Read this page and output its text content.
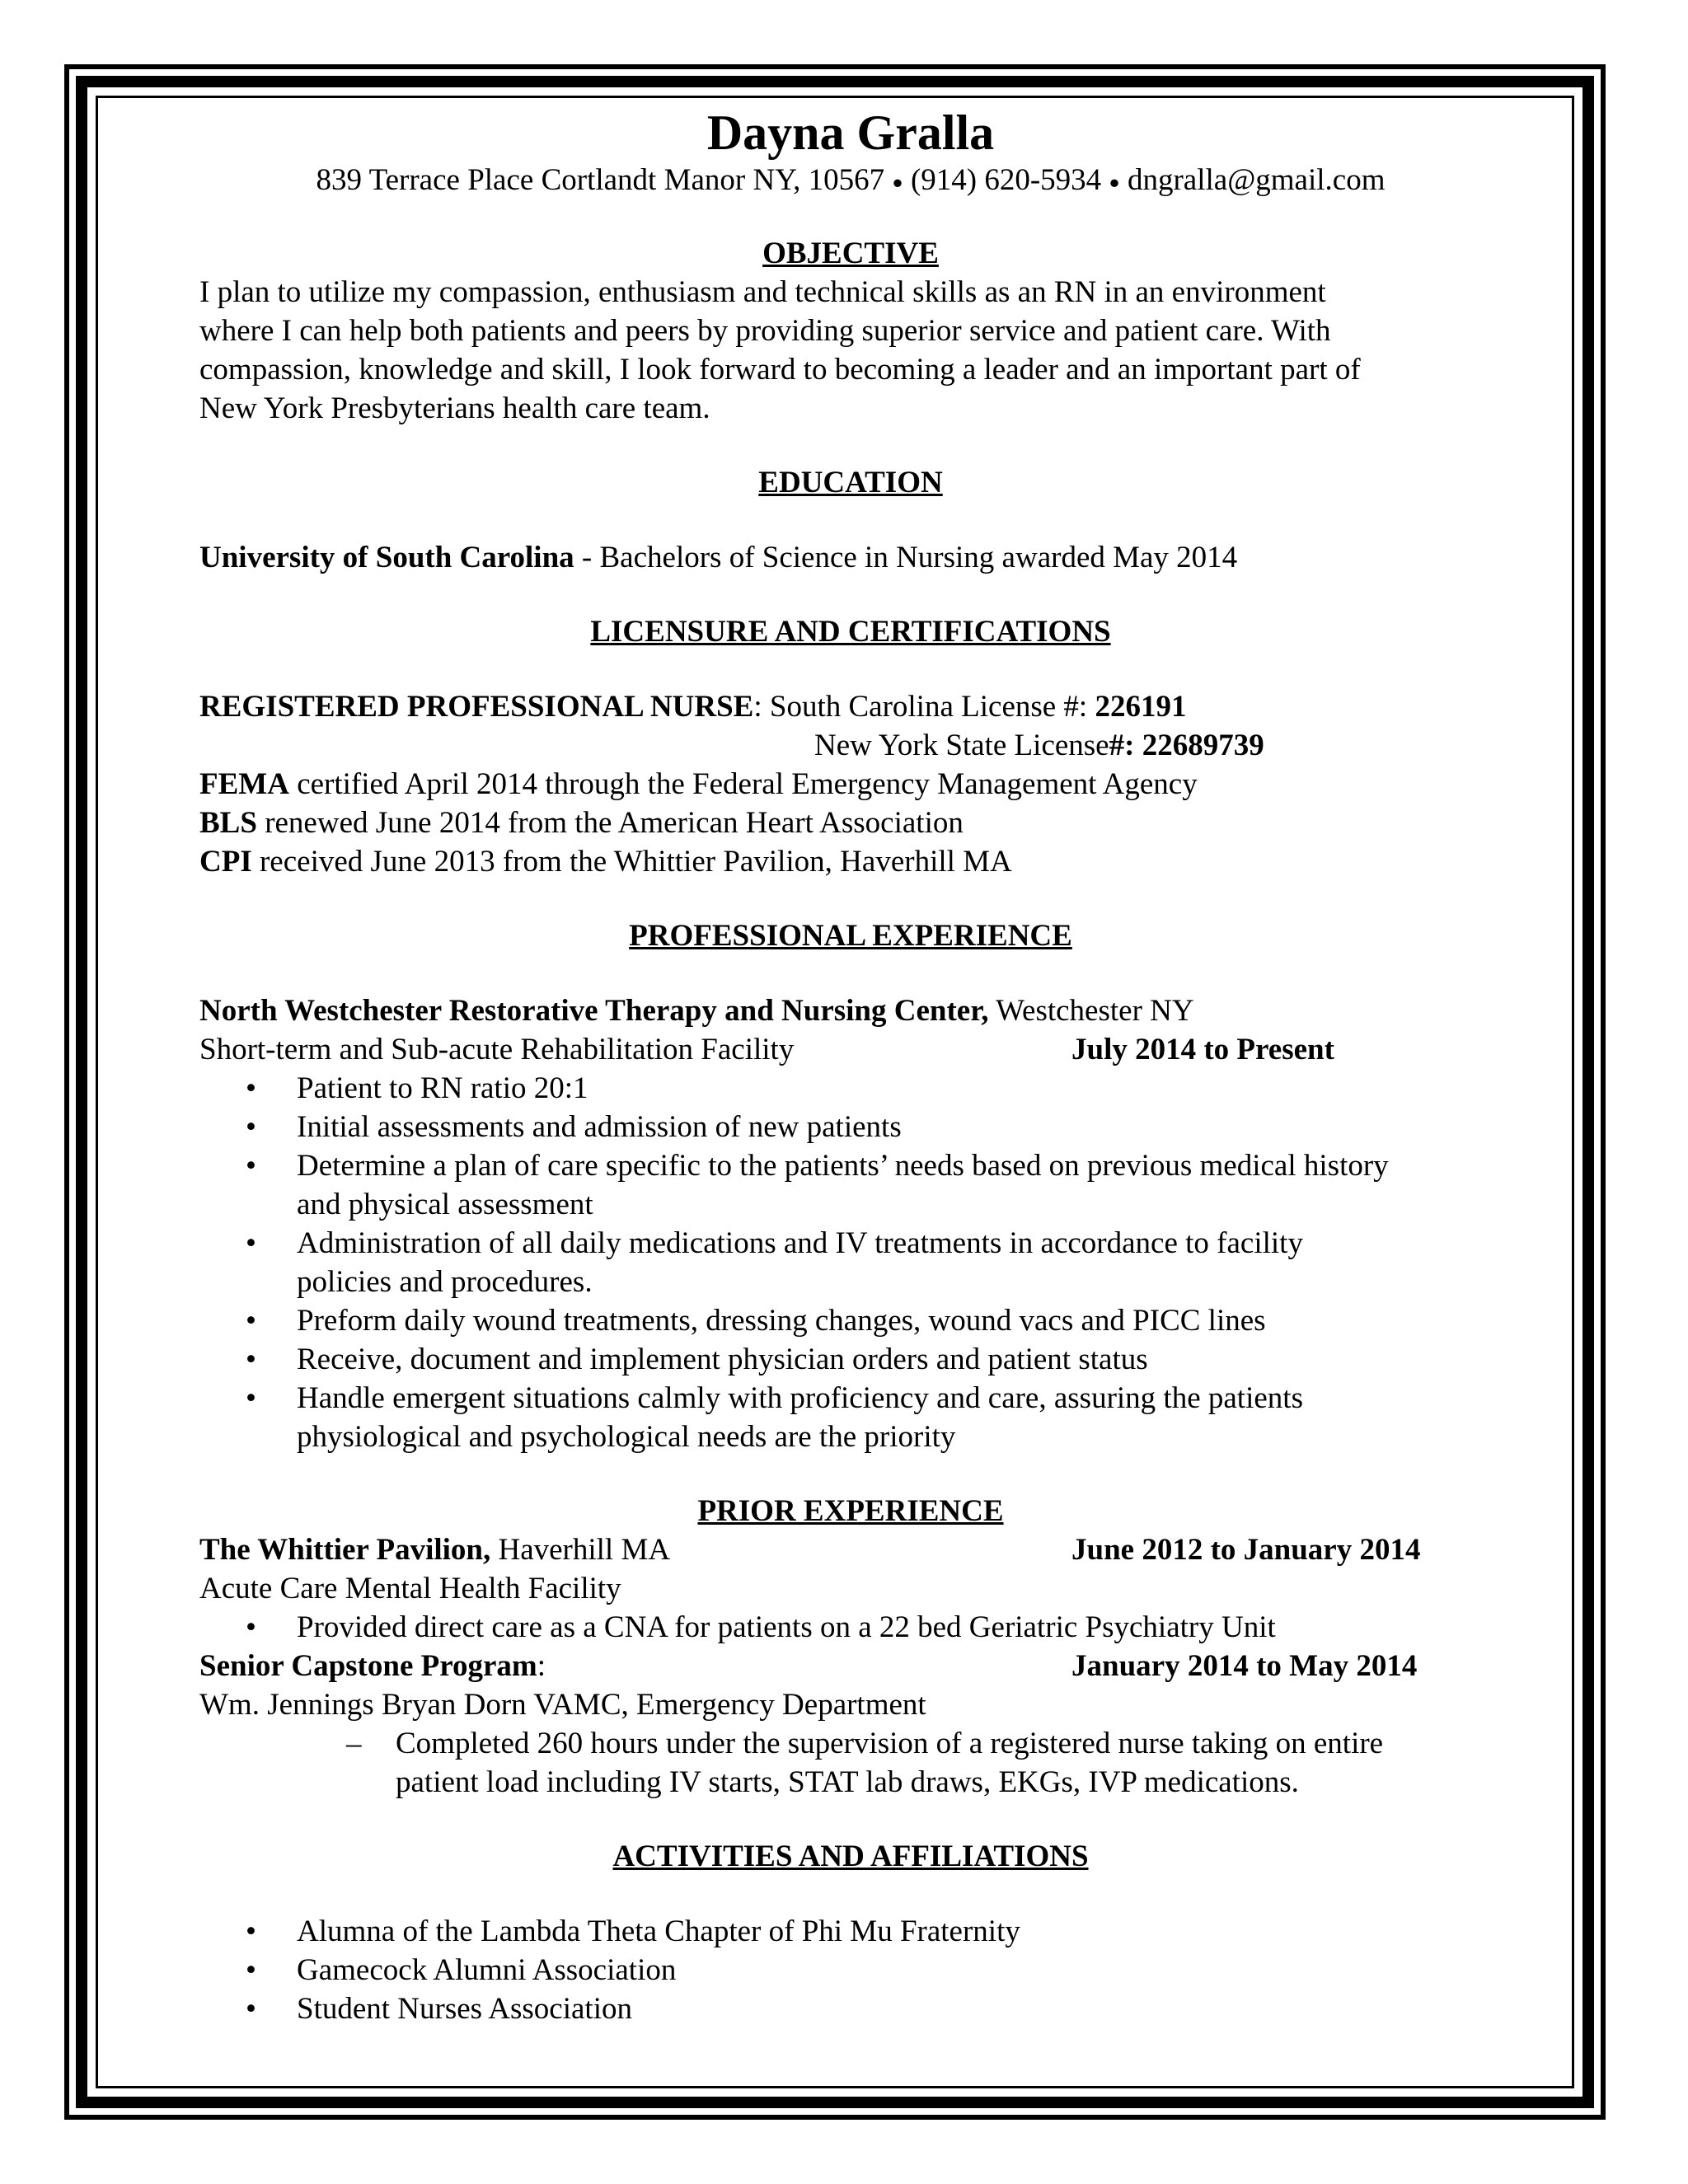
Dayna Gralla
839 Terrace Place Cortlandt Manor NY, 10567 ● (914) 620-5934 ● dngralla@gmail.com
OBJECTIVE
I plan to utilize my compassion, enthusiasm and technical skills as an RN in an environment
where I can help both patients and peers by providing superior service and patient care. With
compassion, knowledge and skill, I look forward to becoming a leader and an important part of
New York Presbyterians health care team.
EDUCATION
University of South Carolina - Bachelors of Science in Nursing awarded May 2014
LICENSURE AND CERTIFICATIONS
REGISTERED PROFESSIONAL NURSE: South Carolina License #: 226191
New York State License#: 22689739
FEMA certified April 2014 through the Federal Emergency Management Agency
BLS renewed June 2014 from the American Heart Association
CPI received June 2013 from the Whittier Pavilion, Haverhill MA
PROFESSIONAL EXPERIENCE
North Westchester Restorative Therapy and Nursing Center, Westchester NY
Short-term and Sub-acute Rehabilitation Facility	July 2014 to Present
• Patient to RN ratio 20:1
• Initial assessments and admission of new patients
• Determine a plan of care specific to the patients’ needs based on previous medical history
and physical assessment
• Administration of all daily medications and IV treatments in accordance to facility
policies and procedures.
• Preform daily wound treatments, dressing changes, wound vacs and PICC lines
• Receive, document and implement physician orders and patient status
• Handle emergent situations calmly with proficiency and care, assuring the patients
physiological and psychological needs are the priority
PRIOR EXPERIENCE
The Whittier Pavilion, Haverhill MA	June 2012 to January 2014
Acute Care Mental Health Facility
• Provided direct care as a CNA for patients on a 22 bed Geriatric Psychiatry Unit
Senior Capstone Program:	January 2014 to May 2014
Wm. Jennings Bryan Dorn VAMC, Emergency Department
– Completed 260 hours under the supervision of a registered nurse taking on entire
patient load including IV starts, STAT lab draws, EKGs, IVP medications.
ACTIVITIES AND AFFILIATIONS
• Alumna of the Lambda Theta Chapter of Phi Mu Fraternity
• Gamecock Alumni Association
• Student Nurses Association
